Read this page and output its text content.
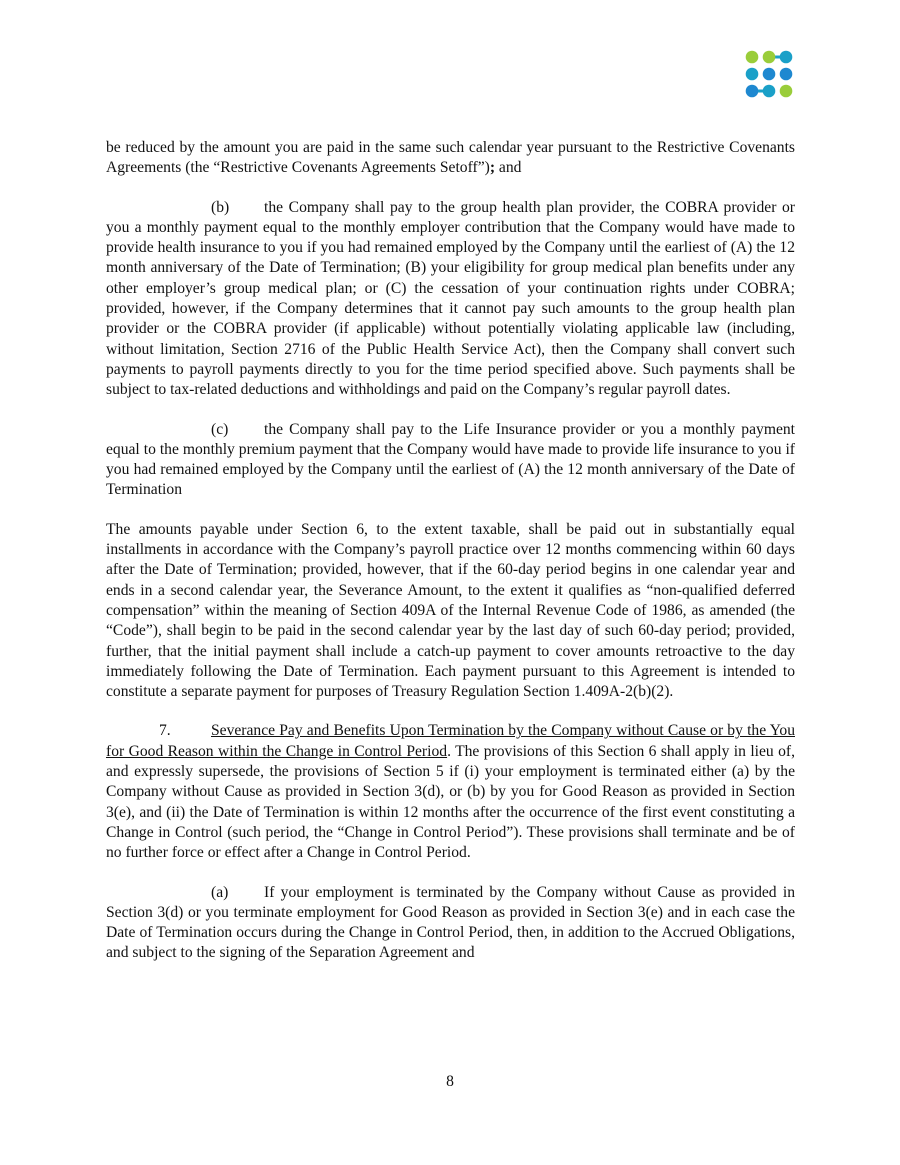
be reduced by the amount you are paid in the same such calendar year pursuant to the Restrictive Covenants Agreements (the “Restrictive Covenants Agreements Setoff”); and

(b) the Company shall pay to the group health plan provider, the COBRA provider or you a monthly payment equal to the monthly employer contribution that the Company would have made to provide health insurance to you if you had remained employed by the Company until the earliest of (A) the 12 month anniversary of the Date of Termination; (B) your eligibility for group medical plan benefits under any other employer’s group medical plan; or (C) the cessation of your continuation rights under COBRA; provided, however, if the Company determines that it cannot pay such amounts to the group health plan provider or the COBRA provider (if applicable) without potentially violating applicable law (including, without limitation, Section 2716 of the Public Health Service Act), then the Company shall convert such payments to payroll payments directly to you for the time period specified above. Such payments shall be subject to tax-related deductions and withholdings and paid on the Company’s regular payroll dates.

(c) the Company shall pay to the Life Insurance provider or you a monthly payment equal to the monthly premium payment that the Company would have made to provide life insurance to you if you had remained employed by the Company until the earliest of (A) the 12 month anniversary of the Date of Termination

The amounts payable under Section 6, to the extent taxable, shall be paid out in substantially equal installments in accordance with the Company’s payroll practice over 12 months commencing within 60 days after the Date of Termination; provided, however, that if the 60-day period begins in one calendar year and ends in a second calendar year, the Severance Amount, to the extent it qualifies as “non-qualified deferred compensation” within the meaning of Section 409A of the Internal Revenue Code of 1986, as amended (the “Code”), shall begin to be paid in the second calendar year by the last day of such 60-day period; provided, further, that the initial payment shall include a catch-up payment to cover amounts retroactive to the day immediately following the Date of Termination. Each payment pursuant to this Agreement is intended to constitute a separate payment for purposes of Treasury Regulation Section 1.409A-2(b)(2).

7.	Severance Pay and Benefits Upon Termination by the Company without Cause or by the You for Good Reason within the Change in Control Period. The provisions of this Section 6 shall apply in lieu of, and expressly supersede, the provisions of Section 5 if (i) your employment is terminated either (a) by the Company without Cause as provided in Section 3(d), or (b) by you for Good Reason as provided in Section 3(e), and (ii) the Date of Termination is within 12 months after the occurrence of the first event constituting a Change in Control (such period, the “Change in Control Period”). These provisions shall terminate and be of no further force or effect after a Change in Control Period.

(a) If your employment is terminated by the Company without Cause as provided in Section 3(d) or you terminate employment for Good Reason as provided in Section 3(e) and in each case the Date of Termination occurs during the Change in Control Period, then, in addition to the Accrued Obligations, and subject to the signing of the Separation Agreement and

8
